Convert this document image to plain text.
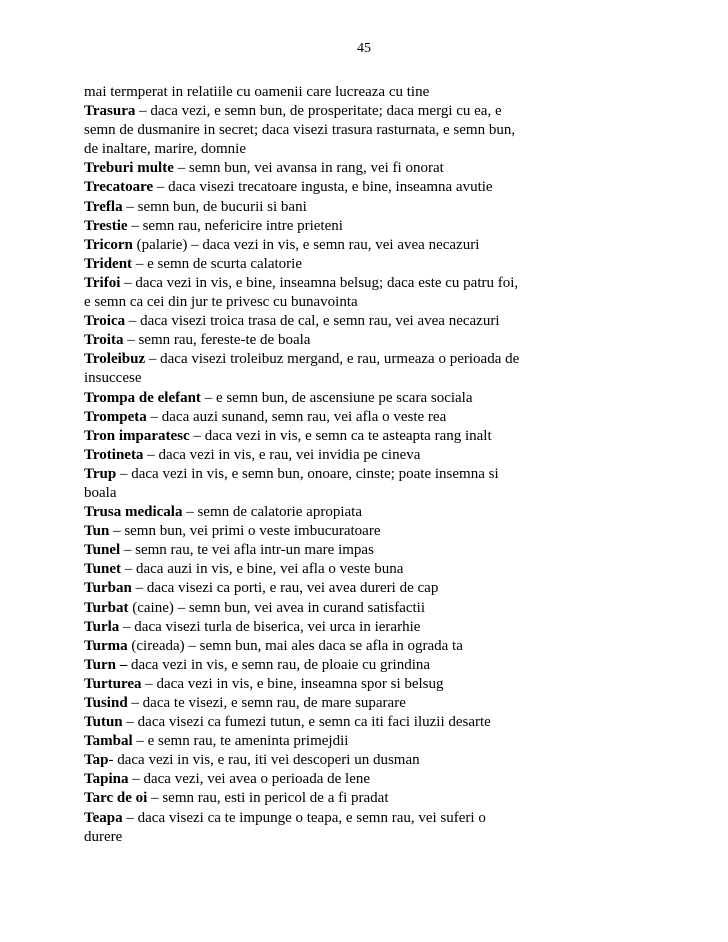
45
mai termperat in relatiile cu oamenii care lucreaza cu tine
Trasura – daca vezi, e semn bun, de prosperitate; daca mergi cu ea, e
semn de dusmanire in secret; daca visezi trasura rasturnata, e semn bun,
de inaltare, marire, domnie
Treburi multe – semn bun, vei avansa in rang, vei fi onorat
Trecatoare – daca visezi trecatoare ingusta, e bine, inseamna avutie
Trefla – semn bun, de bucurii si bani
Trestie – semn rau, nefericire intre prieteni
Tricorn (palarie) – daca vezi in vis, e semn rau, vei avea necazuri
Trident – e semn de scurta calatorie
Trifoi – daca vezi in vis, e bine, inseamna belsug; daca este cu patru foi,
e semn ca cei din jur te privesc cu bunavointa
Troica – daca visezi troica trasa de cal, e semn rau, vei avea necazuri
Troita – semn rau, fereste-te de boala
Troleibuz – daca visezi troleibuz mergand, e rau, urmeaza o perioada de
insuccese
Trompa de elefant – e semn bun, de ascensiune pe scara sociala
Trompeta – daca auzi sunand, semn rau, vei afla o veste rea
Tron imparatesc – daca vezi in vis, e semn ca te asteapta rang inalt
Trotineta – daca vezi in vis, e rau, vei invidia pe cineva
Trup – daca vezi in vis, e semn bun, onoare, cinste; poate insemna si
boala
Trusa medicala – semn de calatorie apropiata
Tun – semn bun, vei primi o veste imbucuratoare
Tunel – semn rau, te vei afla intr-un mare impas
Tunet – daca auzi in vis, e bine, vei afla o veste buna
Turban – daca visezi ca porti, e rau, vei avea dureri de cap
Turbat (caine) – semn bun, vei avea in curand satisfactii
Turla – daca visezi turla de biserica, vei urca in ierarhie
Turma (cireada) – semn bun, mai ales daca se afla in ograda ta
Turn – daca vezi in vis, e semn rau, de ploaie cu grindina
Turturea – daca vezi in vis, e bine, inseamna spor si belsug
Tusind – daca te visezi, e semn rau, de mare suparare
Tutun – daca visezi ca fumezi tutun, e semn ca iti faci iluzii desarte
Tambal – e semn rau, te ameninta primejdii
Tap- daca vezi in vis, e rau, iti vei descoperi un dusman
Tapina – daca vezi, vei avea o perioada de lene
Tarc de oi – semn rau, esti in pericol de a fi pradat
Teapa – daca visezi ca te impunge o teapa, e semn rau, vei suferi o
durere
